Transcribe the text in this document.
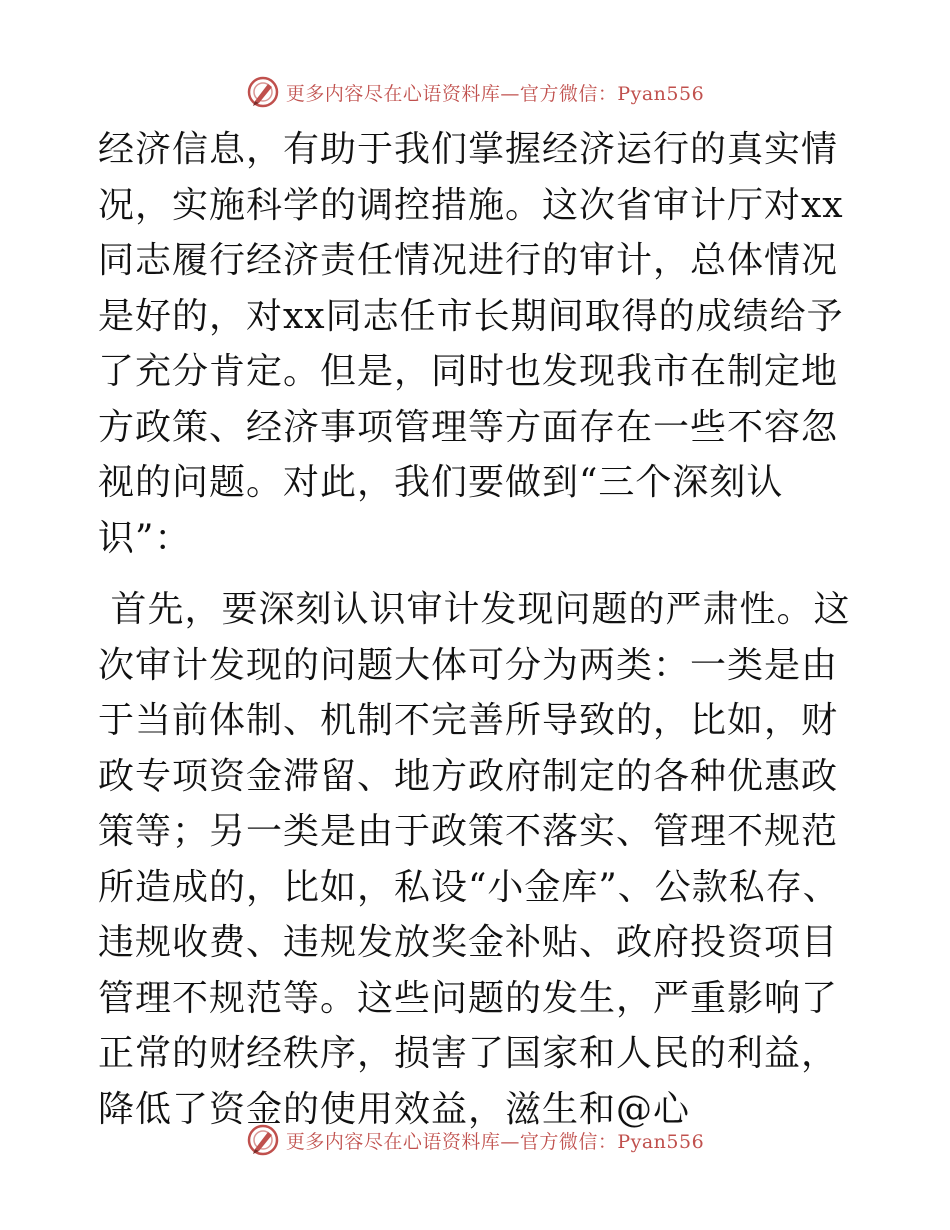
更多内容尽在心语资料库—官方微信：Pyan556

经济信息，有助于我们掌握经济运行的真实情况，实施科学的调控措施。这次省审计厅对xx同志履行经济责任情况进行的审计，总体情况是好的，对xx同志任市长期间取得的成绩给予了充分肯定。但是，同时也发现我市在制定地方政策、经济事项管理等方面存在一些不容忽视的问题。对此，我们要做到“三个深刻认识”：

首先，要深刻认识审计发现问题的严肃性。这次审计发现的问题大体可分为两类：一类是由于当前体制、机制不完善所导致的，比如，财政专项资金滞留、地方政府制定的各种优惠政策等；另一类是由于政策不落实、管理不规范所造成的，比如，私设“小金库”、公款私存、违规收费、违规发放奖金补贴、政府投资项目管理不规范等。这些问题的发生，严重影响了正常的财经秩序，损害了国家和人民的利益，降低了资金的使用效益，滋生和@心

更多内容尽在心语资料库—官方微信：Pyan556
